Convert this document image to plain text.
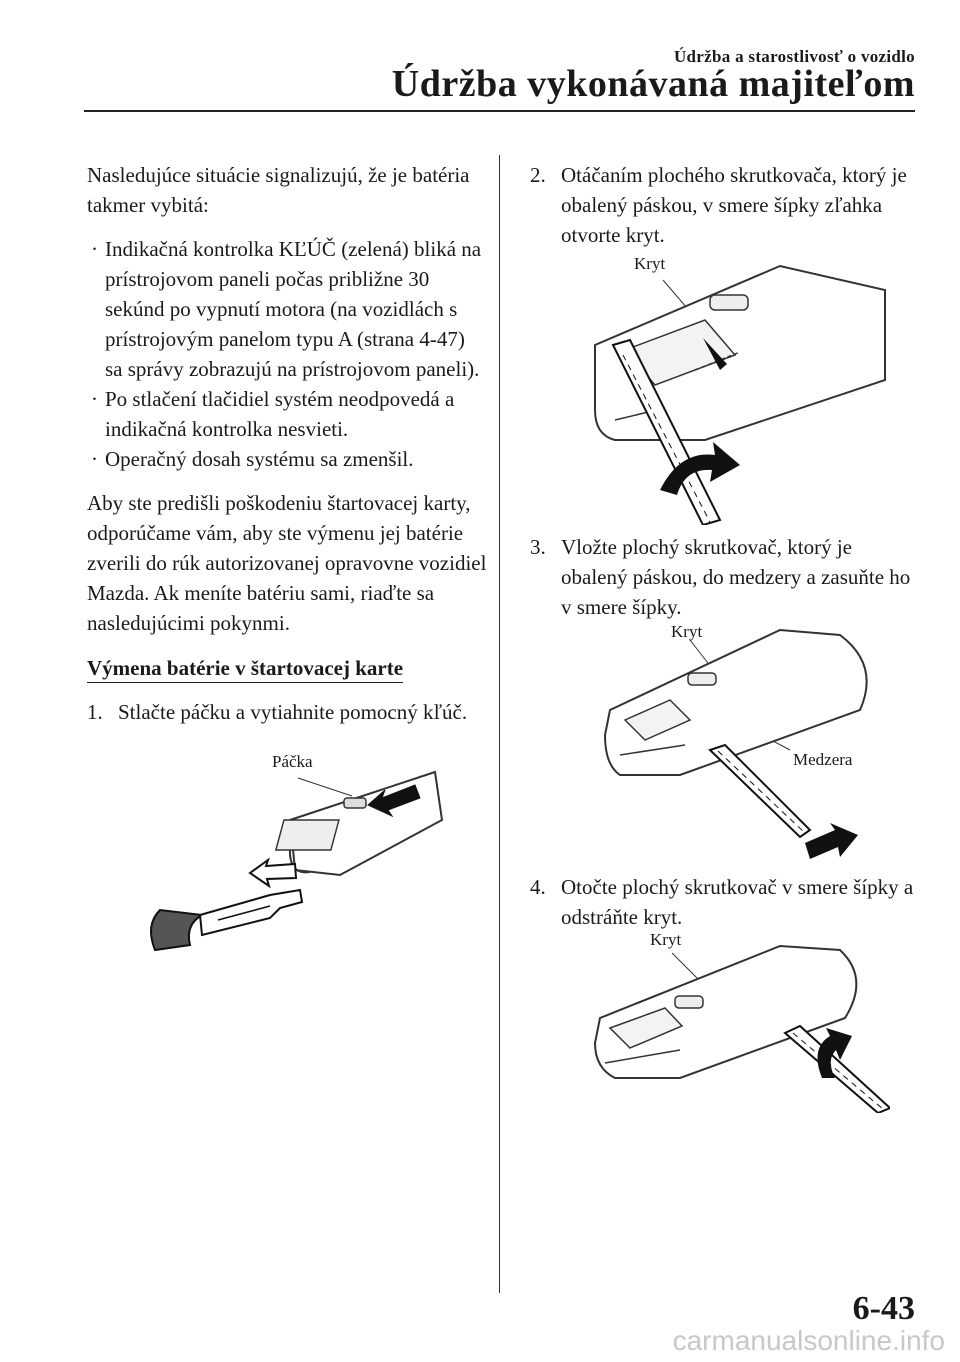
Údržba a starostlivosť o vozidlo
Údržba vykonávaná majiteľom

Nasledujúce situácie signalizujú, že je batéria takmer vybitá:

· Indikačná kontrolka KĽÚČ (zelená) bliká na prístrojovom paneli počas približne 30 sekúnd po vypnutí motora (na vozidlách s prístrojovým panelom typu A (strana 4-47) sa správy zobrazujú na prístrojovom paneli).

· Po stlačení tlačidiel systém neodpovedá a indikačná kontrolka nesvieti.

· Operačný dosah systému sa zmenšil.

Aby ste predišli poškodeniu štartovacej karty, odporúčame vám, aby ste výmenu jej batérie zverili do rúk autorizovanej opravovne vozidiel Mazda. Ak meníte batériu sami, riaďte sa nasledujúcimi pokynmi.

Výmena batérie v štartovacej karte

1. Stlačte páčku a vytiahnite pomocný kľúč.

Páčka

2. Otáčaním plochého skrutkovača, ktorý je obalený páskou, v smere šípky zľahka otvorte kryt.

Kryt

3. Vložte plochý skrutkovač, ktorý je obalený páskou, do medzery a zasuňte ho v smere šípky.

Kryt
Medzera

4. Otočte plochý skrutkovač v smere šípky a odstráňte kryt.

Kryt
6-43
carmanualsonline.info
